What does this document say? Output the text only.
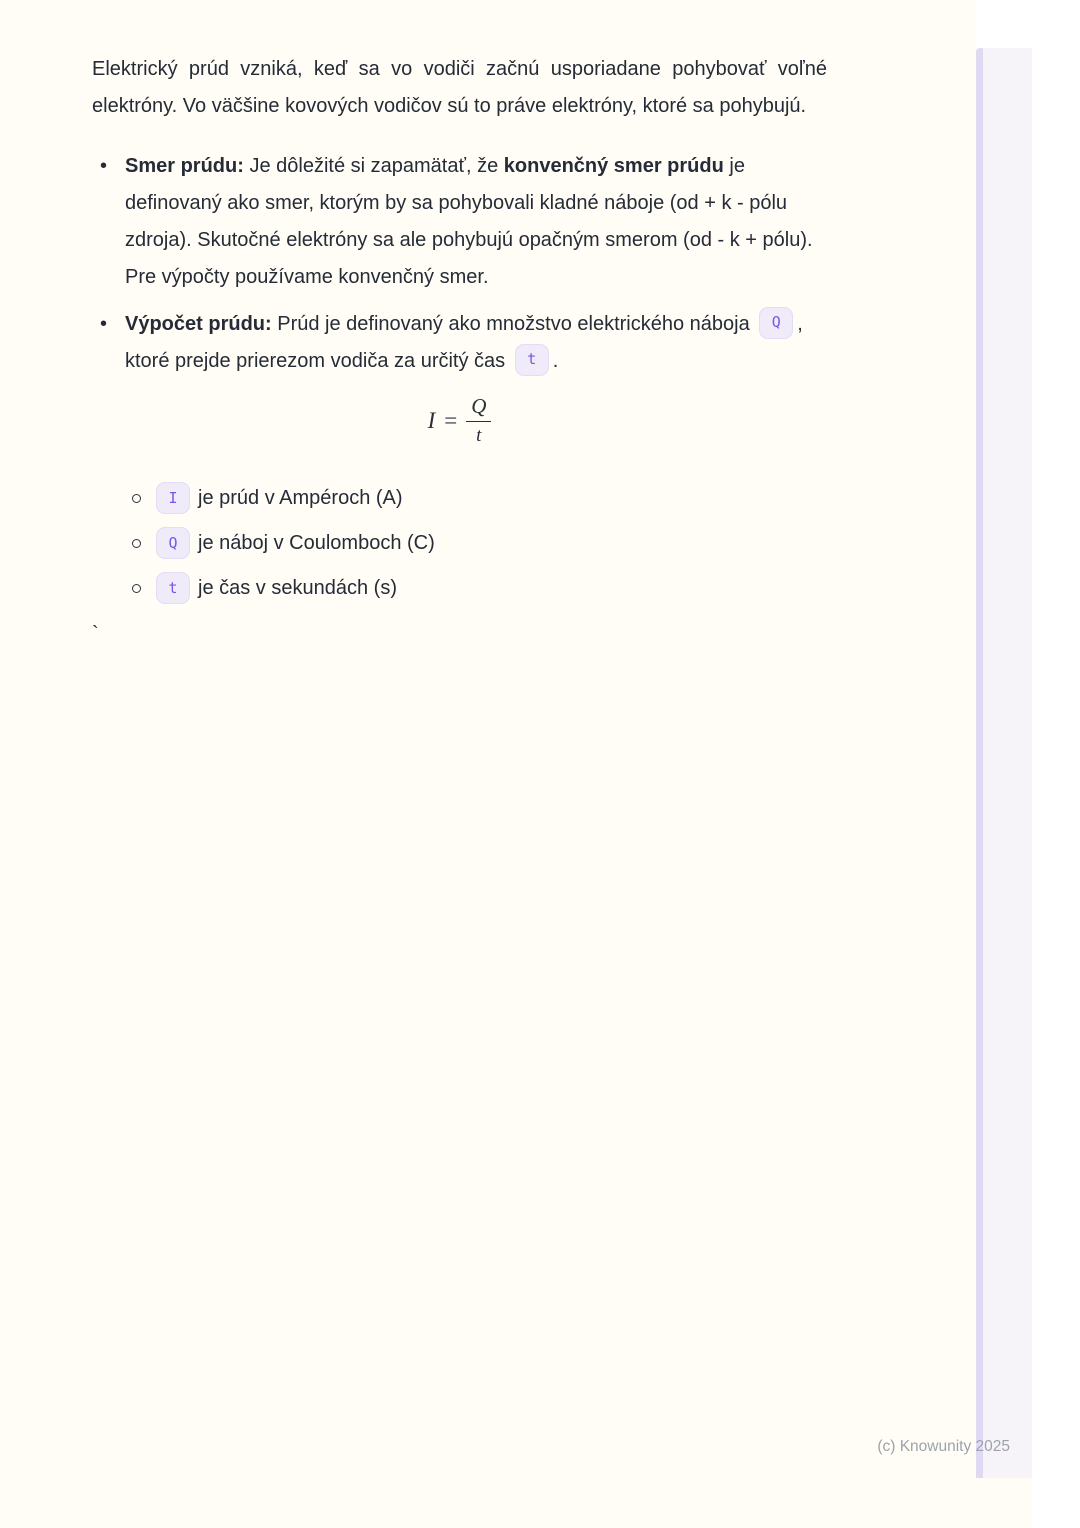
Elektrický prúd vzniká, keď sa vo vodiči začnú usporiadane pohybovať voľné elektróny. Vo väčšine kovových vodičov sú to práve elektróny, ktoré sa pohybujú.

• Smer prúdu: Je dôležité si zapamätať, že konvenčný smer prúdu je definovaný ako smer, ktorým by sa pohybovali kladné náboje (od + k - pólu zdroja). Skutočné elektróny sa ale pohybujú opačným smerom (od - k + pólu). Pre výpočty používame konvenčný smer.
• Výpočet prúdu: Prúd je definovaný ako množstvo elektrického náboja Q , ktoré prejde prierezom vodiča za určitý čas t .
$I = \frac{Q}{t}$
I	je prúd v Ampéroch (A)
Q	je náboj v Coulomboch (C)
t	je čas v sekundách (s)

`

(c) Knowunity 2025
